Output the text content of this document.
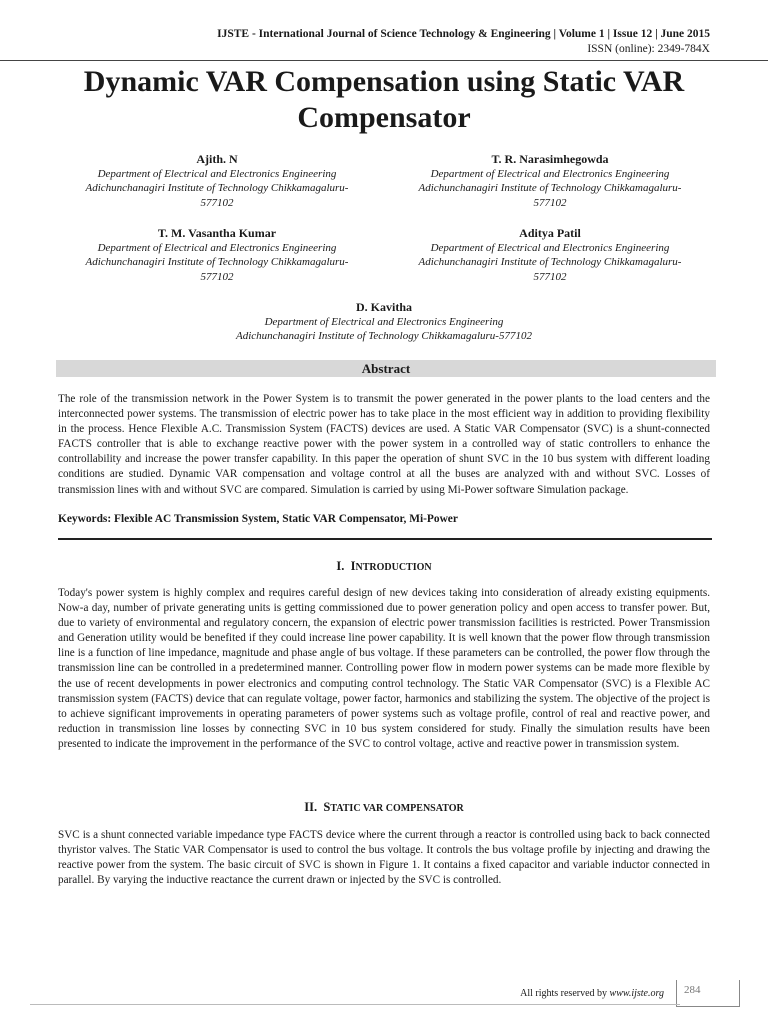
IJSTE - International Journal of Science Technology & Engineering | Volume 1 | Issue 12 | June 2015
ISSN (online): 2349-784X
Dynamic VAR Compensation using Static VAR Compensator
Ajith. N
Department of Electrical and Electronics Engineering
Adichunchanagiri Institute of Technology Chikkamagaluru-
577102
T. R. Narasimhegowda
Department of Electrical and Electronics Engineering
Adichunchanagiri Institute of Technology Chikkamagaluru-
577102
T. M. Vasantha Kumar
Department of Electrical and Electronics Engineering
Adichunchanagiri Institute of Technology Chikkamagaluru-
577102
Aditya Patil
Department of Electrical and Electronics Engineering
Adichunchanagiri Institute of Technology Chikkamagaluru-
577102
D. Kavitha
Department of Electrical and Electronics Engineering
Adichunchanagiri Institute of Technology Chikkamagaluru-577102
Abstract
The role of the transmission network in the Power System is to transmit the power generated in the power plants to the load centers and the interconnected power systems. The transmission of electric power has to take place in the most efficient way in addition to providing flexibility in the process. Hence Flexible A.C. Transmission System (FACTS) devices are used. A Static VAR Compensator (SVC) is a shunt-connected FACTS controller that is able to exchange reactive power with the power system in a controlled way of static controllers to enhance the controllability and increase the power transfer capability. In this paper the operation of shunt SVC in the 10 bus system with different loading conditions are studied. Dynamic VAR compensation and voltage control at all the buses are analyzed with and without SVC. Losses of transmission lines with and without SVC are compared. Simulation is carried by using Mi-Power software Simulation package.
Keywords: Flexible AC Transmission System, Static VAR Compensator, Mi-Power
I. INTRODUCTION
Today's power system is highly complex and requires careful design of new devices taking into consideration of already existing equipments. Now-a day, number of private generating units is getting commissioned due to power generation policy and open access to transfer power. But, due to variety of environmental and regulatory concern, the expansion of electric power transmission facilities is restricted. Power Transmission and Generation utility would be benefited if they could increase line power capability. It is well known that the power flow through transmission line is a function of line impedance, magnitude and phase angle of bus voltage. If these parameters can be controlled, the power flow through the transmission line can be controlled in a predetermined manner. Controlling power flow in modern power systems can be made more flexible by the use of recent developments in power electronics and computing control technology. The Static VAR Compensator (SVC) is a Flexible AC transmission system (FACTS) device that can regulate voltage, power factor, harmonics and stabilizing the system. The objective of the project is to achieve significant improvements in operating parameters of power systems such as voltage profile, control of real and reactive power, and reduction in transmission line losses by connecting SVC in 10 bus system considered for study. Finally the simulation results have been presented to indicate the improvement in the performance of the SVC to control voltage, active and reactive power in transmission system.
II. STATIC VAR COMPENSATOR
SVC is a shunt connected variable impedance type FACTS device where the current through a reactor is controlled using back to back connected thyristor valves. The Static VAR Compensator is used to control the bus voltage. It controls the bus voltage profile by injecting and drawing the reactive power from the system. The basic circuit of SVC is shown in Figure 1. It contains a fixed capacitor and variable inductor connected in parallel. By varying the inductive reactance the current drawn or injected by the SVC is controlled.
All rights reserved by www.ijste.org 284
